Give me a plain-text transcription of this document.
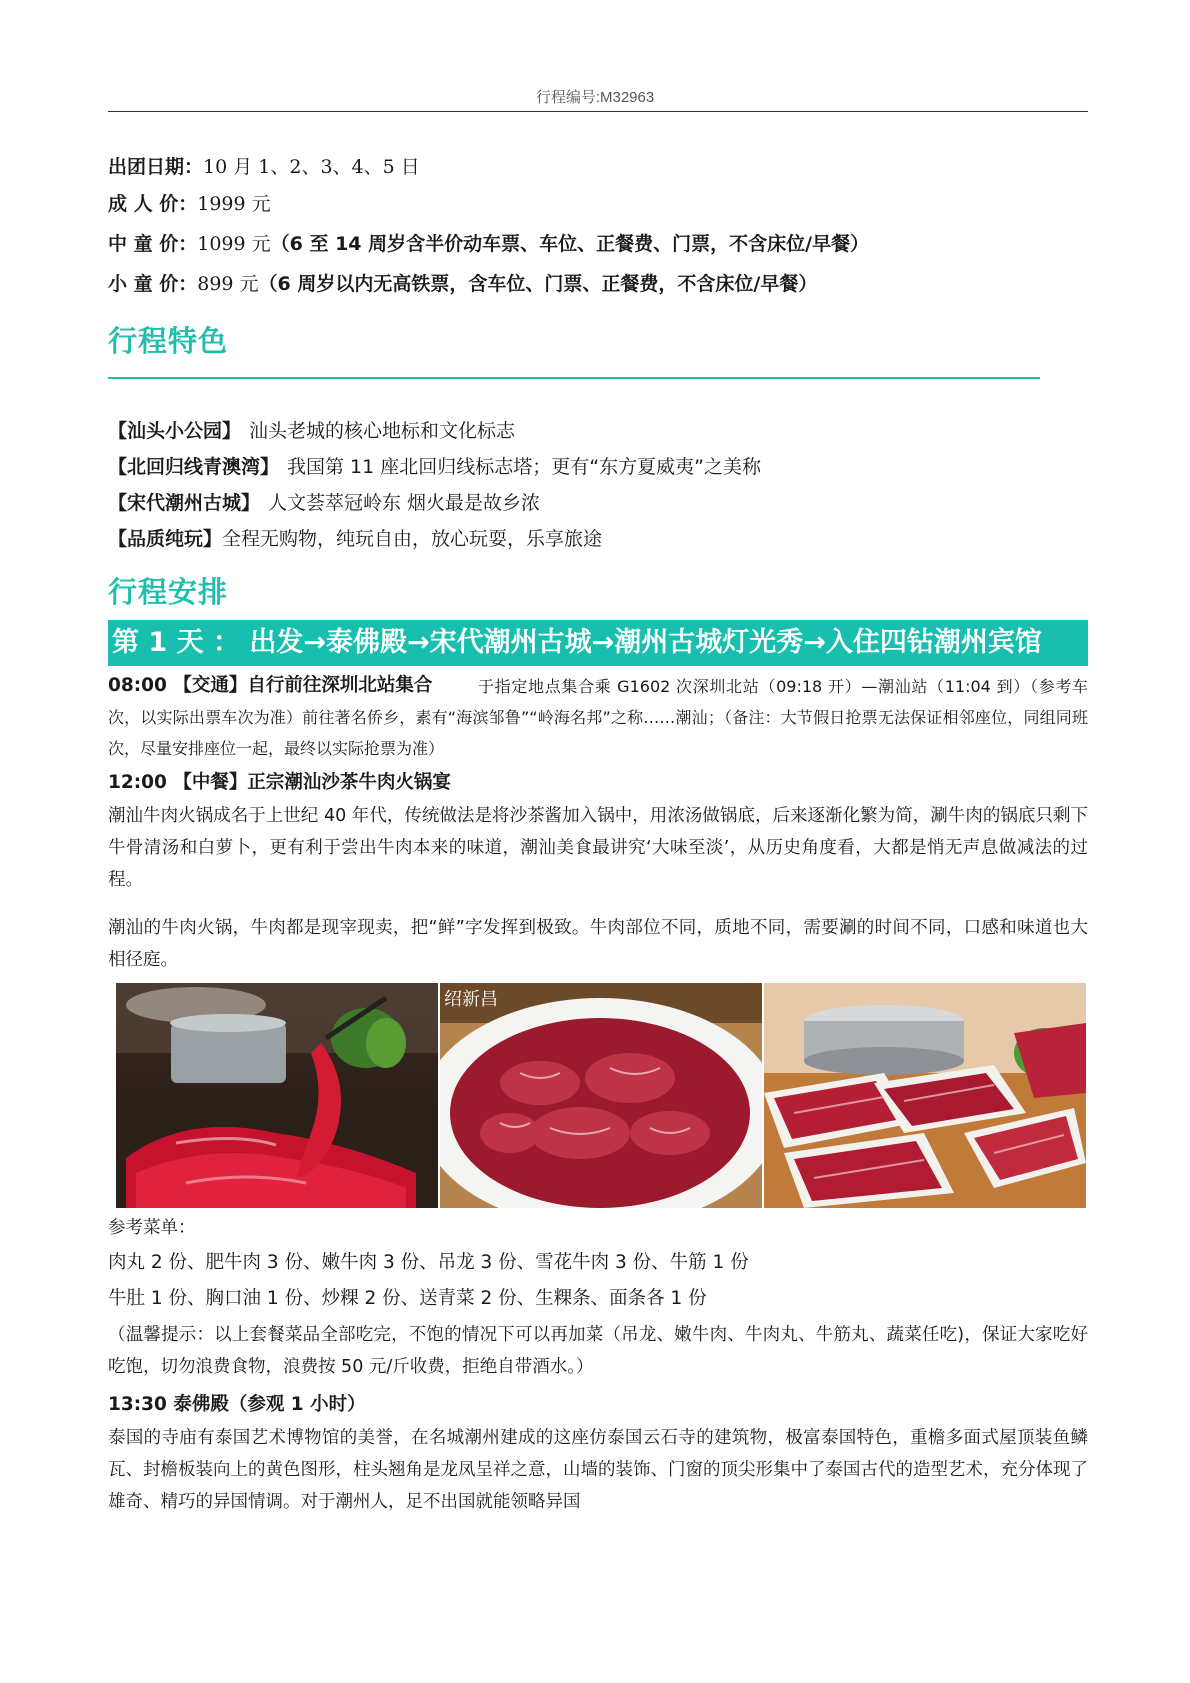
行程编号:M32963
出团日期：10 月 1、2、3、4、5 日
成 人 价：1999 元
中 童 价：1099 元（6 至 14 周岁含半价动车票、车位、正餐费、门票，不含床位/早餐）
小 童 价：899 元（6 周岁以内无高铁票，含车位、门票、正餐费，不含床位/早餐）
行程特色
【汕头小公园】 汕头老城的核心地标和文化标志
【北回归线青澳湾】 我国第 11 座北回归线标志塔；更有“东方夏威夷”之美称
【宋代潮州古城】 人文荟萃冠岭东 烟火最是故乡浓
【品质纯玩】全程无购物，纯玩自由，放心玩耍，乐享旅途
行程安排
第 1 天 ： 出发→泰佛殿→宋代潮州古城→潮州古城灯光秀→入住四钻潮州宾馆
08:00 【交通】自行前往深圳北站集合	于指定地点集合乘 G1602 次深圳北站（09:18 开）—潮汕站（11:04 到）（参考车次，以实际出票车次为准）前往著名侨乡，素有“海滨邹鲁”“岭海名邦”之称……潮汕；（备注：大节假日抢票无法保证相邻座位，同组同班次，尽量安排座位一起，最终以实际抢票为准）
12:00 【中餐】正宗潮汕沙茶牛肉火锅宴
潮汕牛肉火锅成名于上世纪 40 年代，传统做法是将沙茶酱加入锅中，用浓汤做锅底，后来逐渐化繁为简，涮牛肉的锅底只剩下牛骨清汤和白萝卜，更有利于尝出牛肉本来的味道，潮汕美食最讲究‘大味至淡’，从历史角度看，大都是悄无声息做减法的过程。
潮汕的牛肉火锅，牛肉都是现宰现卖，把“鲜”字发挥到极致。牛肉部位不同，质地不同，需要涮的时间不同，口感和味道也大相径庭。
绍新昌
参考菜单：
肉丸 2 份、肥牛肉 3 份、嫩牛肉 3 份、吊龙 3 份、雪花牛肉 3 份、牛筋 1 份
牛肚 1 份、胸口油 1 份、炒粿 2 份、送青菜 2 份、生粿条、面条各 1 份
（温馨提示：以上套餐菜品全部吃完，不饱的情况下可以再加菜（吊龙、嫩牛肉、牛肉丸、牛筋丸、蔬菜任吃)，保证大家吃好吃饱，切勿浪费食物，浪费按 50 元/斤收费，拒绝自带酒水。）
13:30 泰佛殿（参观 1 小时）
泰国的寺庙有泰国艺术博物馆的美誉，在名城潮州建成的这座仿泰国云石寺的建筑物，极富泰国特色，重檐多面式屋顶装鱼鳞瓦、封檐板装向上的黄色图形，柱头翘角是龙凤呈祥之意，山墙的装饰、门窗的顶尖形集中了泰国古代的造型艺术，充分体现了雄奇、精巧的异国情调。对于潮州人，足不出国就能领略异国
